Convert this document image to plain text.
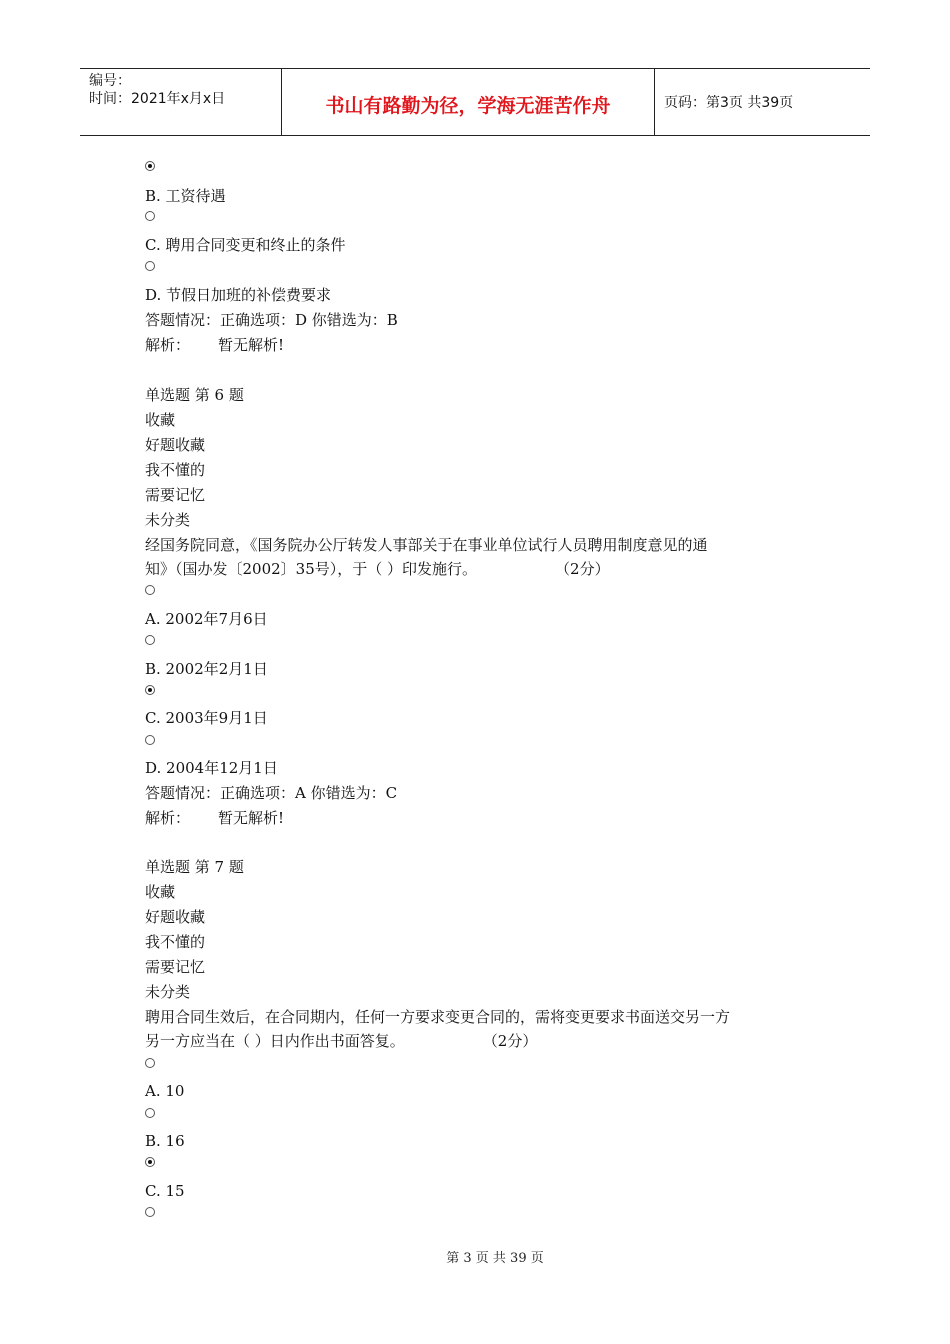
编号：
时间：2021年x月x日	书山有路勤为径，学海无涯苦作舟	页码：第3页 共39页
B. 工资待遇
C. 聘用合同变更和终止的条件
D. 节假日加班的补偿费要求
答题情况：正确选项：D 你错选为：B
解析： 暂无解析!
单选题 第 6 题
收藏
好题收藏
我不懂的
需要记忆
未分类
经国务院同意，《国务院办公厅转发人事部关于在事业单位试行人员聘用制度意见的通
知》（国办发〔2002〕35号），于（ ）印发施行。	（2分）
A. 2002年7月6日
B. 2002年2月1日
C. 2003年9月1日
D. 2004年12月1日
答题情况：正确选项：A 你错选为：C
解析： 暂无解析!
单选题 第 7 题
收藏
好题收藏
我不懂的
需要记忆
未分类
聘用合同生效后，在合同期内，任何一方要求变更合同的，需将变更要求书面送交另一方
另一方应当在（ ）日内作出书面答复。	（2分）
A. 10
B. 16
C. 15
第 3 页 共 39 页
